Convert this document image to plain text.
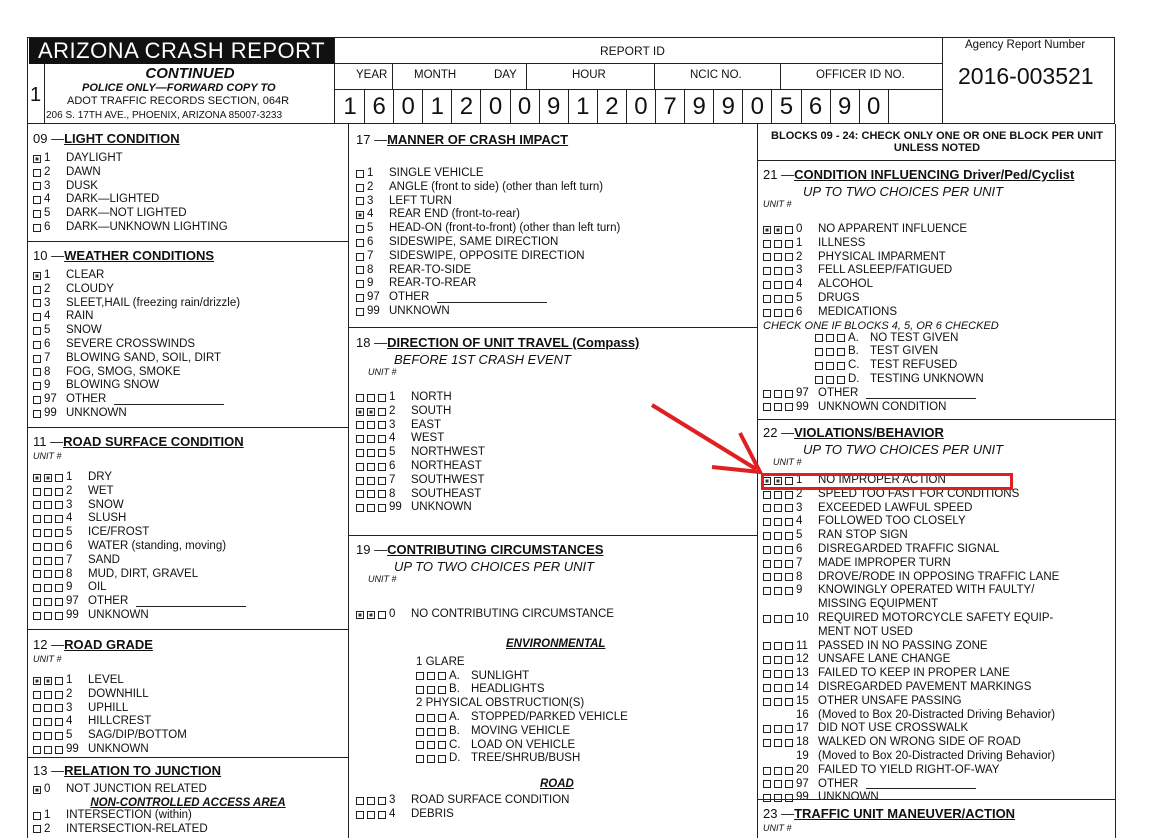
ARIZONA CRASH REPORT
CONTINUED
1	POLICE ONLY—FORWARD COPY TO
ADOT TRAFFIC RECORDS SECTION, 064R
206 S. 17TH AVE., PHOENIX, ARIZONA 85007-3233
REPORT ID
YEAR MONTH	DAY	HOUR	NCIC NO.	OFFICER ID NO.
1 6 0 1 2 0 0 9 1 2 0 7 9 9 0 5 6 9 0
Agency Report Number
2016-003521
09 —LIGHT CONDITION
1	DAYLIGHT
2	DAWN
3	DUSK
4	DARK—LIGHTED
5	DARK—NOT LIGHTED
6	DARK—UNKNOWN LIGHTING
10 —WEATHER CONDITIONS
1	CLEAR
2	CLOUDY
3	SLEET,HAIL (freezing rain/drizzle)
4	RAIN
5	SNOW
6	SEVERE CROSSWINDS
7	BLOWING SAND, SOIL, DIRT
8	FOG, SMOG, SMOKE
9	BLOWING SNOW
97 OTHER
99 UNKNOWN
11 —ROAD SURFACE CONDITION
UNIT #
1	DRY
2	WET
3	SNOW
4	SLUSH
5	ICE/FROST
6	WATER (standing, moving)
7	SAND
8	MUD, DIRT, GRAVEL
9	OIL
97 OTHER
99 UNKNOWN
12 —ROAD GRADE
UNIT #
1	LEVEL
2	DOWNHILL
3	UPHILL
4	HILLCREST
5	SAG/DIP/BOTTOM
99 UNKNOWN
13 —RELATION TO JUNCTION
0	NOT JUNCTION RELATED
NON-CONTROLLED ACCESS AREA
1	INTERSECTION (within)
2	INTERSECTION-RELATED
17 —MANNER OF CRASH IMPACT
1	SINGLE VEHICLE
2	ANGLE (front to side) (other than left turn)
3	LEFT TURN
4	REAR END (front-to-rear)
5	HEAD-ON (front-to-front) (other than left turn)
6	SIDESWIPE, SAME DIRECTION
7	SIDESWIPE, OPPOSITE DIRECTION
8	REAR-TO-SIDE
9	REAR-TO-REAR
97 OTHER
99 UNKNOWN
18 —DIRECTION OF UNIT TRAVEL (Compass)
BEFORE 1ST CRASH EVENT
UNIT #
1	NORTH
2	SOUTH
3	EAST
4	WEST
5	NORTHWEST
6	NORTHEAST
7	SOUTHWEST
8	SOUTHEAST
99 UNKNOWN
19 —CONTRIBUTING CIRCUMSTANCES
UP TO TWO CHOICES PER UNIT
UNIT #
0	NO CONTRIBUTING CIRCUMSTANCE
ENVIRONMENTAL
1 GLARE
A. SUNLIGHT
B. HEADLIGHTS
2 PHYSICAL OBSTRUCTION(S)
A. STOPPED/PARKED VEHICLE
B. MOVING VEHICLE
C. LOAD ON VEHICLE
D. TREE/SHRUB/BUSH
ROAD
3	ROAD SURFACE CONDITION
4	DEBRIS
BLOCKS 09 - 24: CHECK ONLY ONE OR ONE BLOCK PER UNIT UNLESS NOTED
21 —CONDITION INFLUENCING Driver/Ped/Cyclist
UP TO TWO CHOICES PER UNIT
UNIT #
0	NO APPARENT INFLUENCE
1	ILLNESS
2	PHYSICAL IMPARMENT
3	FELL ASLEEP/FATIGUED
4	ALCOHOL
5	DRUGS
6	MEDICATIONS
CHECK ONE IF BLOCKS 4, 5, OR 6 CHECKED
A. NO TEST GIVEN
B. TEST GIVEN
C. TEST REFUSED
D. TESTING UNKNOWN
97 OTHER
99 UNKNOWN CONDITION
22 —VIOLATIONS/BEHAVIOR
UP TO TWO CHOICES PER UNIT
UNIT #
1	NO IMPROPER ACTION
2	SPEED TOO FAST FOR CONDITIONS
3	EXCEEDED LAWFUL SPEED
4	FOLLOWED TOO CLOSELY
5	RAN STOP SIGN
6	DISREGARDED TRAFFIC SIGNAL
7	MADE IMPROPER TURN
8	DROVE/RODE IN OPPOSING TRAFFIC LANE
9	KNOWINGLY OPERATED WITH FAULTY/
MISSING EQUIPMENT
10 REQUIRED MOTORCYCLE SAFETY EQUIP-
MENT NOT USED
11 PASSED IN NO PASSING ZONE
12 UNSAFE LANE CHANGE
13 FAILED TO KEEP IN PROPER LANE
14 DISREGARDED PAVEMENT MARKINGS
15 OTHER UNSAFE PASSING
16 (Moved to Box 20-Distracted Driving Behavior)
17 DID NOT USE CROSSWALK
18 WALKED ON WRONG SIDE OF ROAD
19 (Moved to Box 20-Distracted Driving Behavior)
20 FAILED TO YIELD RIGHT-OF-WAY
97 OTHER
99 UNKNOWN
23 —TRAFFIC UNIT MANEUVER/ACTION
UNIT #
